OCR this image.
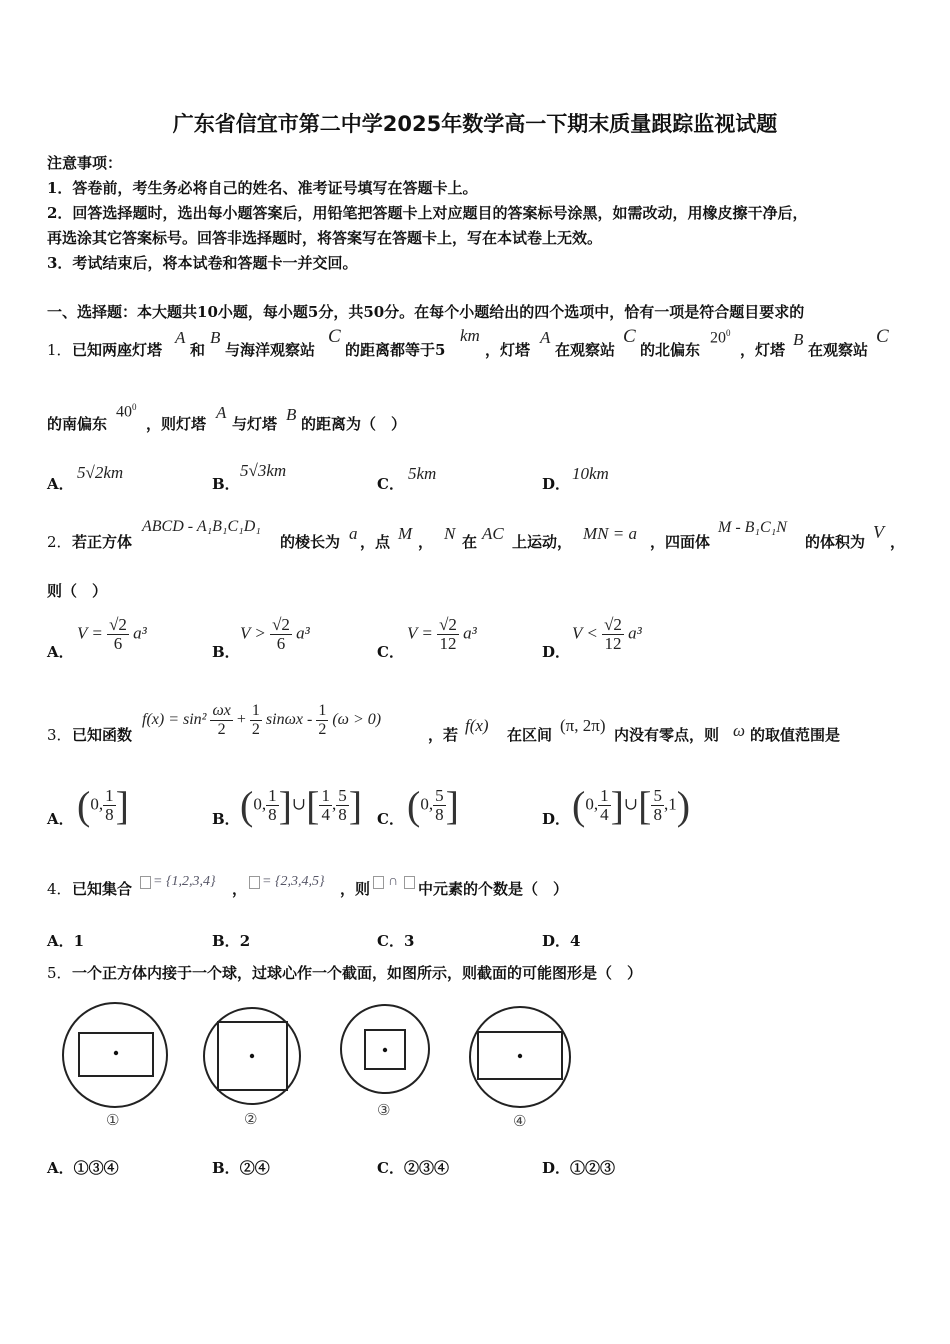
广东省信宜市第二中学2025年数学高一下期末质量跟踪监视试题
注意事项：
1．答卷前，考生务必将自己的姓名、准考证号填写在答题卡上。
2．回答选择题时，选出每小题答案后，用铅笔把答题卡上对应题目的答案标号涂黑，如需改动，用橡皮擦干净后，
再选涂其它答案标号。回答非选择题时，将答案写在答题卡上，写在本试卷上无效。
3．考试结束后，将本试卷和答题卡一并交回。
一、选择题：本大题共10小题，每小题5分，共50分。在每个小题给出的四个选项中，恰有一项是符合题目要求的
1． 已知两座灯塔
A
和
B
与海洋观察站
C
的距离都等于5
km
，灯塔
A
在观察站
C
的北偏东
$20^0$
，灯塔
B
在观察站
C
的南偏东
$40^0$
，则灯塔
A
与灯塔 B 的距离为（　）
A．
5√2km
B．
5√3km
C．
5km
D．
10km
2． 若正方体
ABCD - A₁B₁C₁D₁
的棱长为 a ，点 M ， N 在 AC 上运动， MN = a ，四面体
M - B₁C₁N
的体积为 V ，
则（　）
A．
$V = \frac{√2}{6} a^3$
B．
$V > \frac{√2}{6} a^3$
C．
$V = \frac{√2}{12} a^3$
D．
$V < \frac{√2}{12} a^3$
3． 已知函数
$f(x) = \sin^2 \frac{\omega x}{2} + \frac{1}{2}$ $\sin\omega x - \frac{1}{2} (\omega > 0)$
，若 f(x) 在区间 (π, 2π) 内没有零点，则 ω 的取值范围是
A． (0, $\frac{1}{8}$ ]	B． (0, $\frac{1}{8}$ ]∪[ $\frac{1}{4}$ , $\frac{5}{8}$ ] C． (0, $\frac{5}{8}$ ]	D． (0, $\frac{1}{4}$ ]∪[ $\frac{5}{8} ,1$)
4． 已知集合 = {1,2,3,4} ， = {2,3,4,5} ，则 ∩ 中元素的个数是（　）
A．1	B．2	C．3	D．4
5． 一个正方体内接于一个球，过球心作一个截面，如图所示，则截面的可能图形是（　）
①	②	③
④
A．①③④	B．②④	C．②③④	D．①②③
